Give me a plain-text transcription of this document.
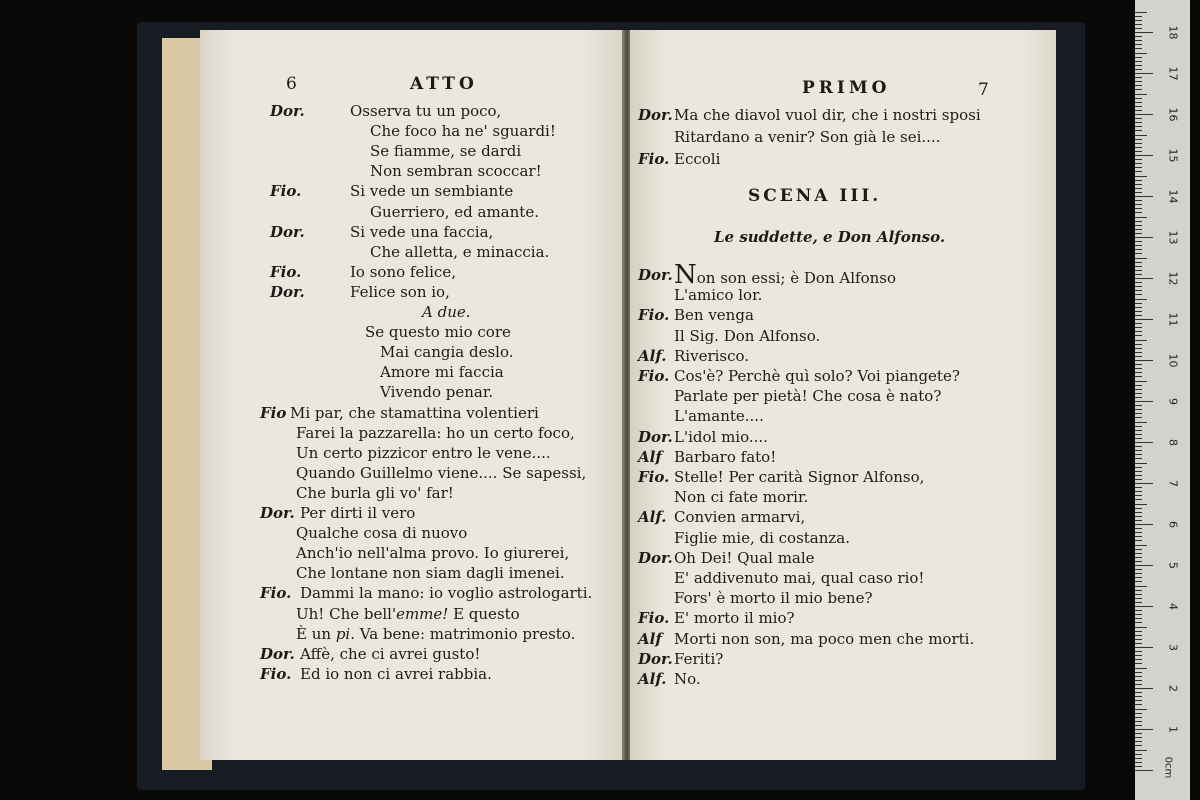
6	ATTO
Dor.	Osserva tu un poco,
Che foco ha ne' sguardi!
Se fiamme, se dardi
Non sembran scoccar!
Fio.	Si vede un sembiante
Guerriero, ed amante.
Dor.	Si vede una faccia,
Che alletta, e minaccia.
Fio.	Io sono felice,
Dor.	Felice son io,
A due.
Se questo mio core
Mai cangia deslo.
Amore mi faccia
Vivendo penar.
Fio Mi par, che stamattina volentieri
Farei la pazzarella: ho un certo foco,
Un certo pizzicor entro le vene....
Quando Guillelmo viene.... Se sapessi,
Che burla gli vo' far!
Dor. Per dirti il vero
Qualche cosa di nuovo
Anch'io nell'alma provo. Io giurerei,
Che lontane non siam dagli imenei.
Fio. Dammi la mano: io voglio astrologarti.
Uh! Che bell'emme! E questo
È un pi. Va bene: matrimonio presto.
Dor. Affè, che ci avrei gusto!
Fio. Ed io non ci avrei rabbia.
PRIMO	7
Dor. Ma che diavol vuol dir, che i nostri sposi
Ritardano a venir? Son già le sei....
Fio. Eccoli
SCENA III.
Le suddette, e Don Alfonso.
Dor. Non son essi; è Don Alfonso
L'amico lor.
Fio. Ben venga
Il Sig. Don Alfonso.
Alf. Riverisco.
Fio. Cos'è? Perchè quì solo? Voi piangete?
Parlate per pietà! Che cosa è nato?
L'amante....
Dor. L'idol mio....
Alf Barbaro fato!
Fio. Stelle! Per carità Signor Alfonso,
Non ci fate morir.
Alf. Convien armarvi,
Figlie mie, di costanza.
Dor. Oh Dei! Qual male
E' addivenuto mai, qual caso rio!
Fors' è morto il mio bene?
Fio. E' morto il mio?
Alf Morti non son, ma poco men che morti.
Dor. Feriti?
Alf. No.
1
2
3
4
5
6
7
8
9
10
11
12
13
14
15
16
17
18
0cm
